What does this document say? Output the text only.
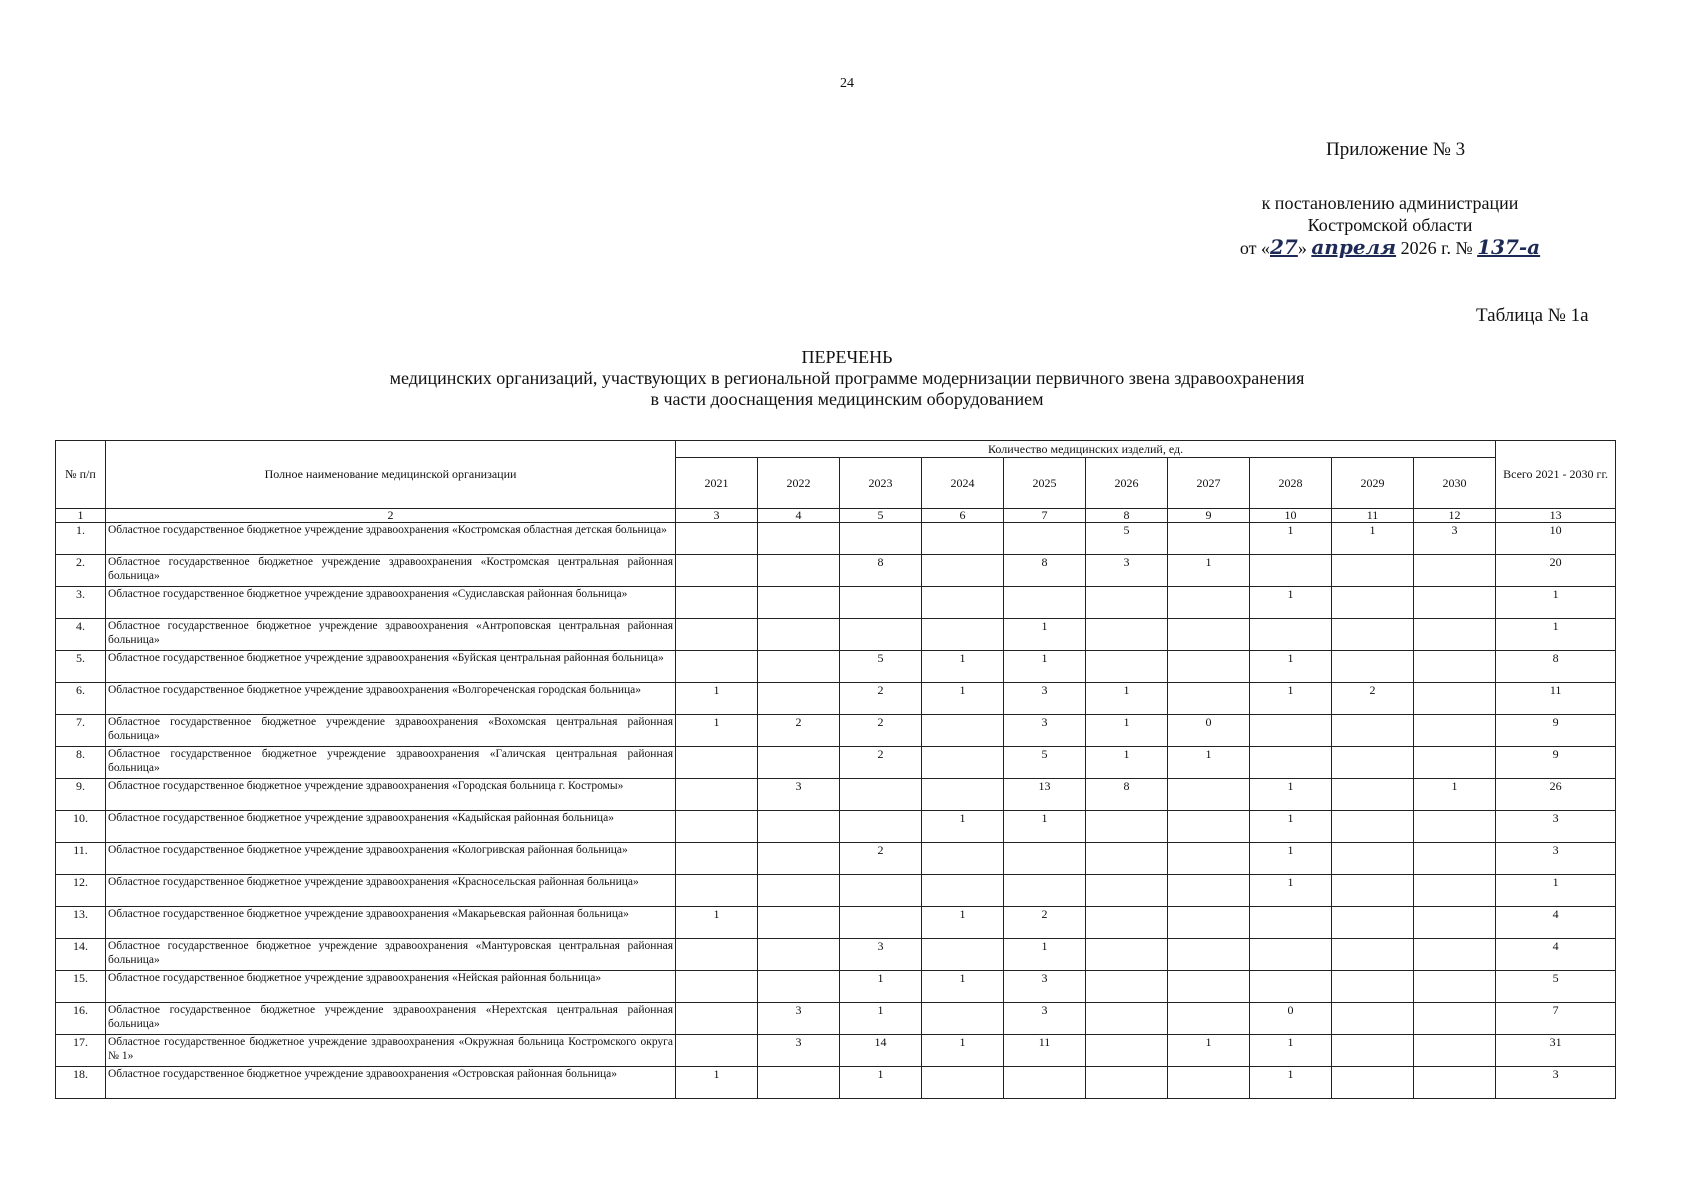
24
Приложение № 3
к постановлению администрации
Костромской области
от «27» апреля 2026 г. № 137-а
Таблица № 1а
ПЕРЕЧЕНЬ
медицинских организаций, участвующих в региональной программе модернизации первичного звена здравоохранения
в части дооснащения медицинским оборудованием
№ п/п	Полное наименование медицинской организации	Количество медицинских изделий, ед.										Всего 2021 - 2030 гг.
		2021	2022	2023	2024	2025	2026	2027	2028	2029	2030	
1	2	3	4	5	6	7	8	9	10	11	12	13
1.	Областное государственное бюджетное учреждение здравоохранения «Костромская областная детская больница»						5		1	1	3	10
2.	Областное государственное бюджетное учреждение здравоохранения «Костромская центральная районная больница»			8		8	3	1				20
3.	Областное государственное бюджетное учреждение здравоохранения «Судиславская районная больница»								1			1
4.	Областное государственное бюджетное учреждение здравоохранения «Антроповская центральная районная больница»					1						1
5.	Областное государственное бюджетное учреждение здравоохранения «Буйская центральная районная больница»			5	1	1			1			8
6.	Областное государственное бюджетное учреждение здравоохранения «Волгореченская городская больница»	1		2	1	3	1		1	2		11
7.	Областное государственное бюджетное учреждение здравоохранения «Вохомская центральная районная больница»	1	2	2		3	1	0				9
8.	Областное государственное бюджетное учреждение здравоохранения «Галичская центральная районная больница»			2		5	1	1				9
9.	Областное государственное бюджетное учреждение здравоохранения «Городская больница г. Костромы»		3			13	8		1		1	26
10.	Областное государственное бюджетное учреждение здравоохранения «Кадыйская районная больница»				1	1			1			3
11.	Областное государственное бюджетное учреждение здравоохранения «Кологривская районная больница»			2					1			3
12.	Областное государственное бюджетное учреждение здравоохранения «Красносельская районная больница»								1			1
13.	Областное государственное бюджетное учреждение здравоохранения «Макарьевская районная больница»	1			1	2						4
14.	Областное государственное бюджетное учреждение здравоохранения «Мантуровская центральная районная больница»			3		1						4
15.	Областное государственное бюджетное учреждение здравоохранения «Нейская районная больница»			1	1	3						5
16.	Областное государственное бюджетное учреждение здравоохранения «Нерехтская центральная районная больница»		3	1		3			0			7
17.	Областное государственное бюджетное учреждение здравоохранения «Окружная больница Костромского округа № 1»		3	14	1	11		1	1			31
18.	Областное государственное бюджетное учреждение здравоохранения «Островская районная больница»	1		1					1			3
